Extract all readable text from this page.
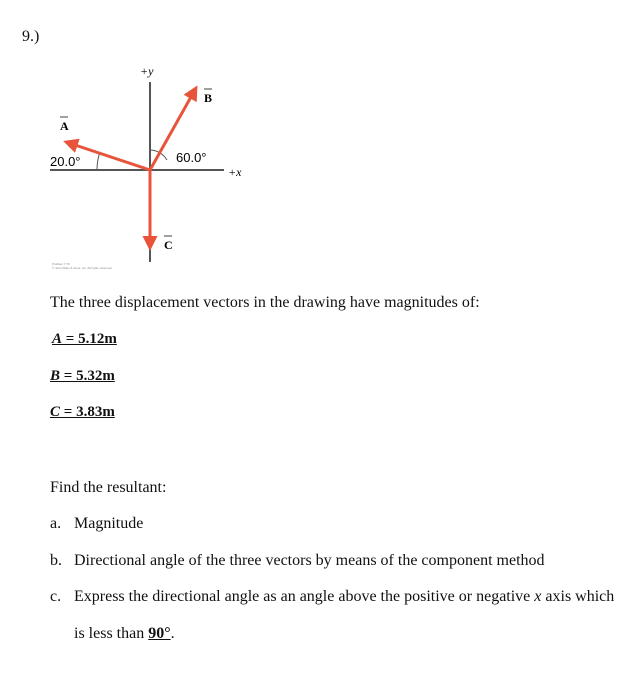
9.)
+y
+x
A
B
C
20.0°	60.0°
Problem 7.76
© John Wiley & Sons, Inc. All rights reserved.
The three displacement vectors in the drawing have magnitudes of:
A = 5.12m
B = 5.32m
C = 3.83m
Find the resultant:
a. Magnitude
b. Directional angle of the three vectors by means of the component method
c. Express the directional angle as an angle above the positive or negative x axis which
is less than 90°.
